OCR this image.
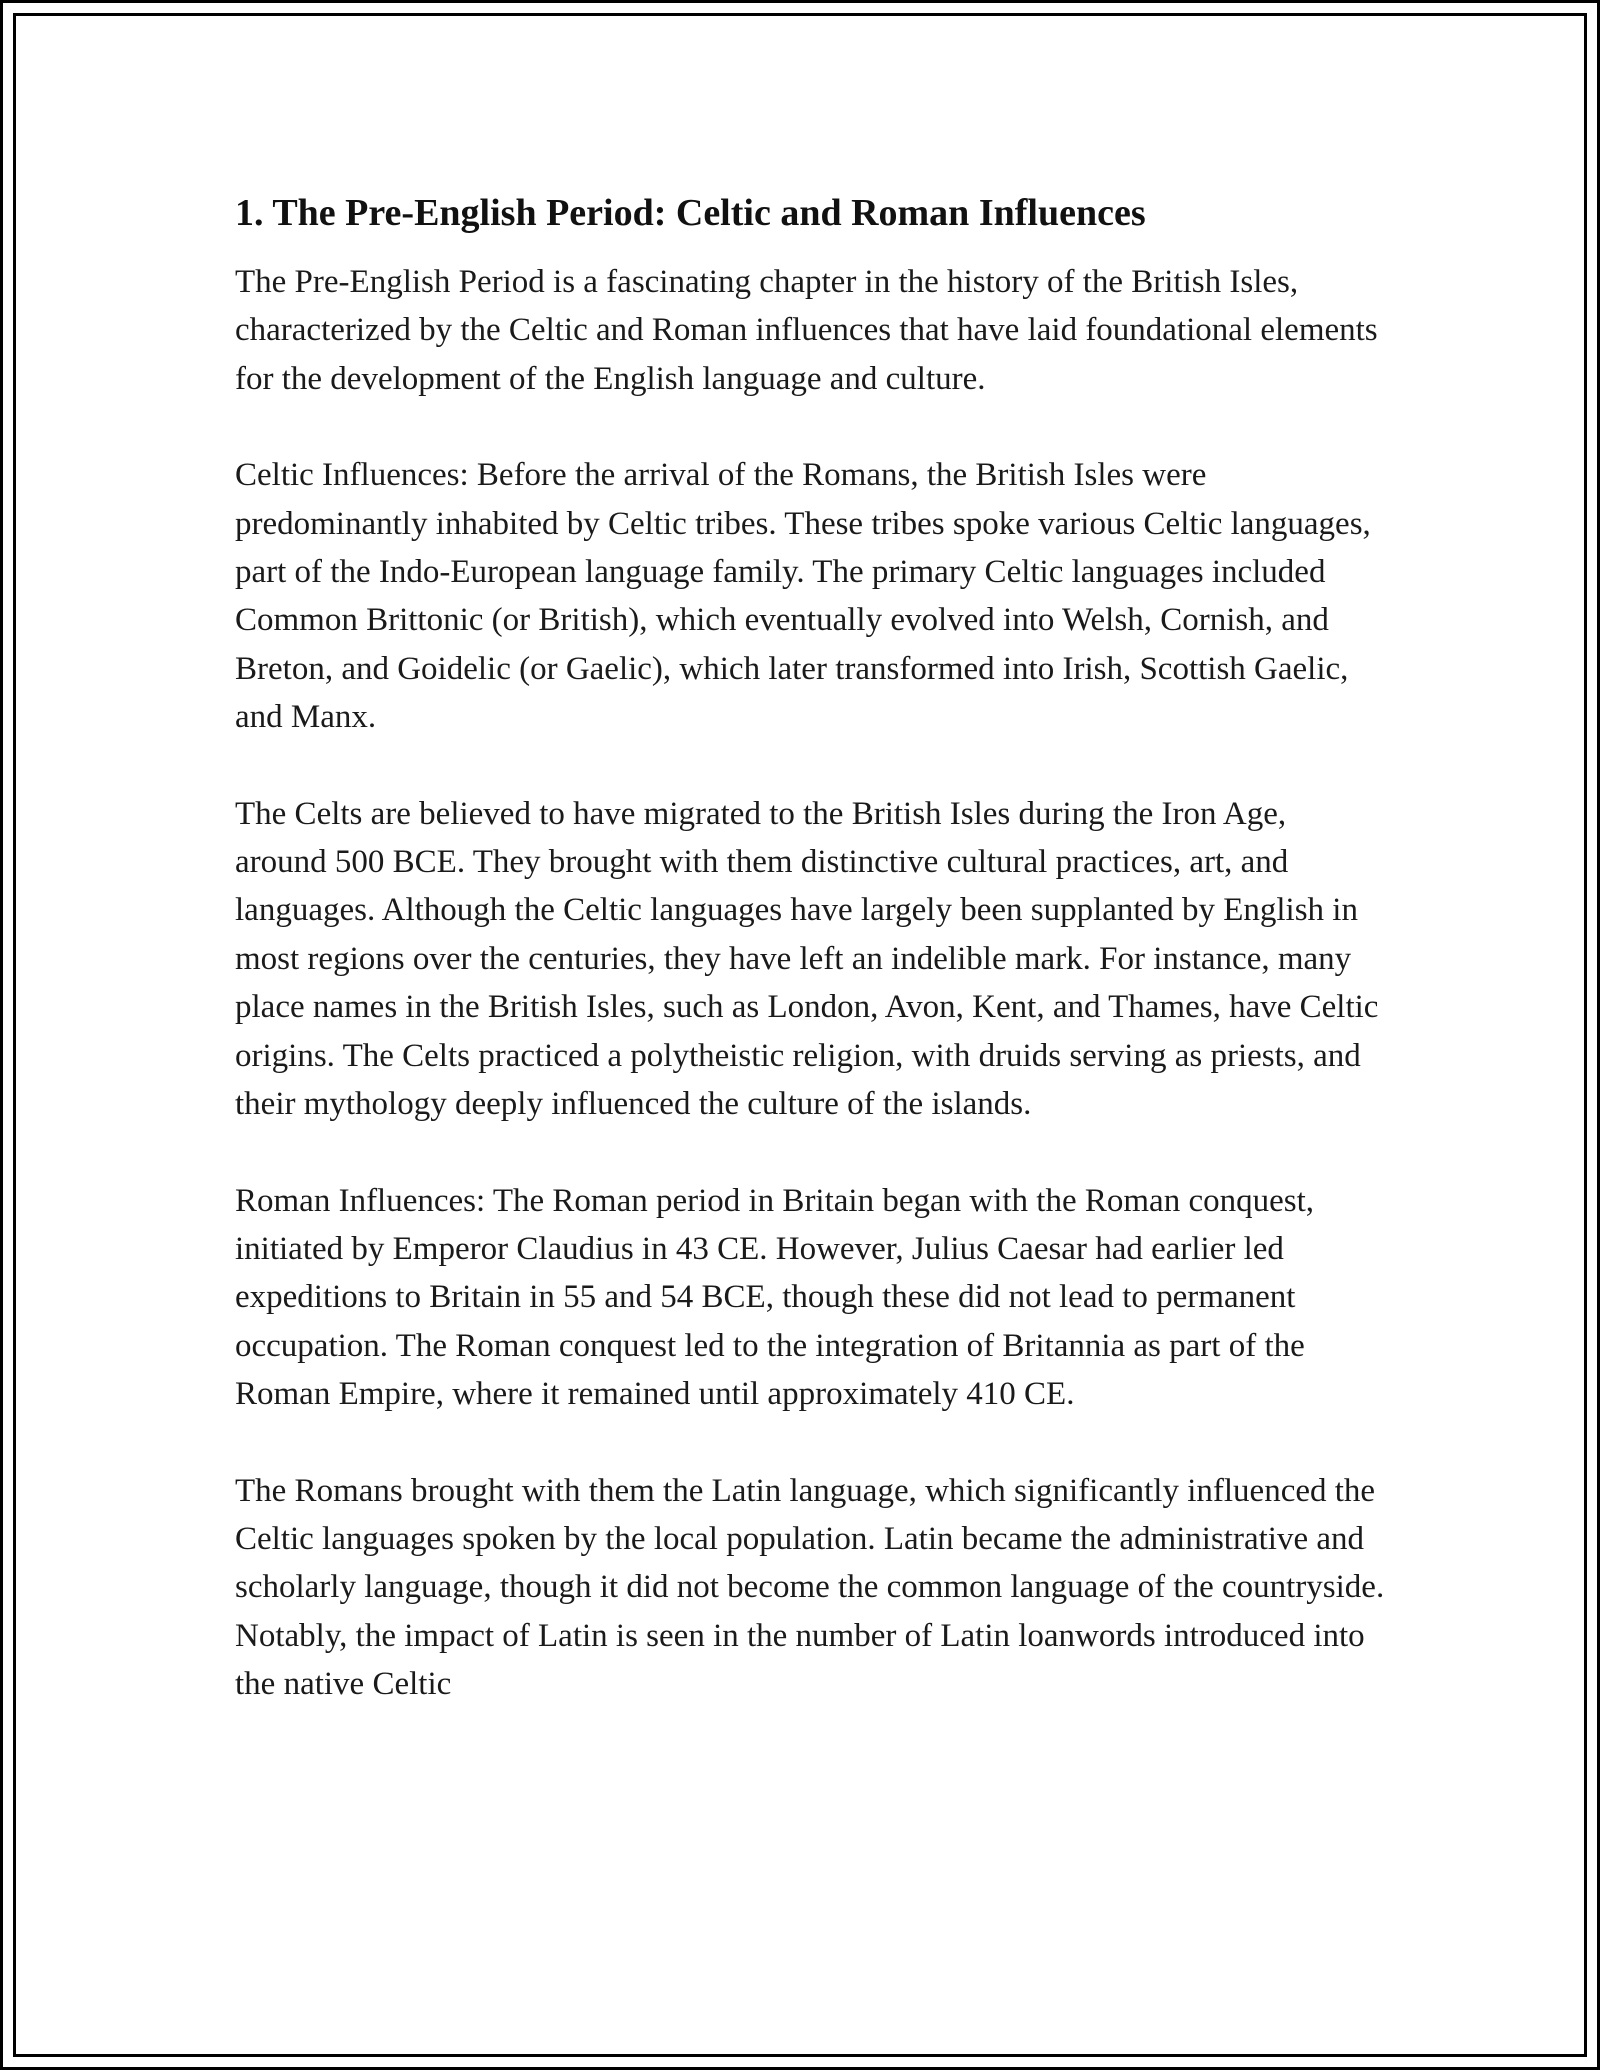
1. The Pre-English Period: Celtic and Roman Influences

The Pre-English Period is a fascinating chapter in the history of the British Isles, characterized by the Celtic and Roman influences that have laid foundational elements for the development of the English language and culture.

Celtic Influences: Before the arrival of the Romans, the British Isles were predominantly inhabited by Celtic tribes. These tribes spoke various Celtic languages, part of the Indo-European language family. The primary Celtic languages included Common Brittonic (or British), which eventually evolved into Welsh, Cornish, and Breton, and Goidelic (or Gaelic), which later transformed into Irish, Scottish Gaelic, and Manx.

The Celts are believed to have migrated to the British Isles during the Iron Age, around 500 BCE. They brought with them distinctive cultural practices, art, and languages. Although the Celtic languages have largely been supplanted by English in most regions over the centuries, they have left an indelible mark. For instance, many place names in the British Isles, such as London, Avon, Kent, and Thames, have Celtic origins. The Celts practiced a polytheistic religion, with druids serving as priests, and their mythology deeply influenced the culture of the islands.

Roman Influences: The Roman period in Britain began with the Roman conquest, initiated by Emperor Claudius in 43 CE. However, Julius Caesar had earlier led expeditions to Britain in 55 and 54 BCE, though these did not lead to permanent occupation. The Roman conquest led to the integration of Britannia as part of the Roman Empire, where it remained until approximately 410 CE.

The Romans brought with them the Latin language, which significantly influenced the Celtic languages spoken by the local population. Latin became the administrative and scholarly language, though it did not become the common language of the countryside. Notably, the impact of Latin is seen in the number of Latin loanwords introduced into the native Celtic
